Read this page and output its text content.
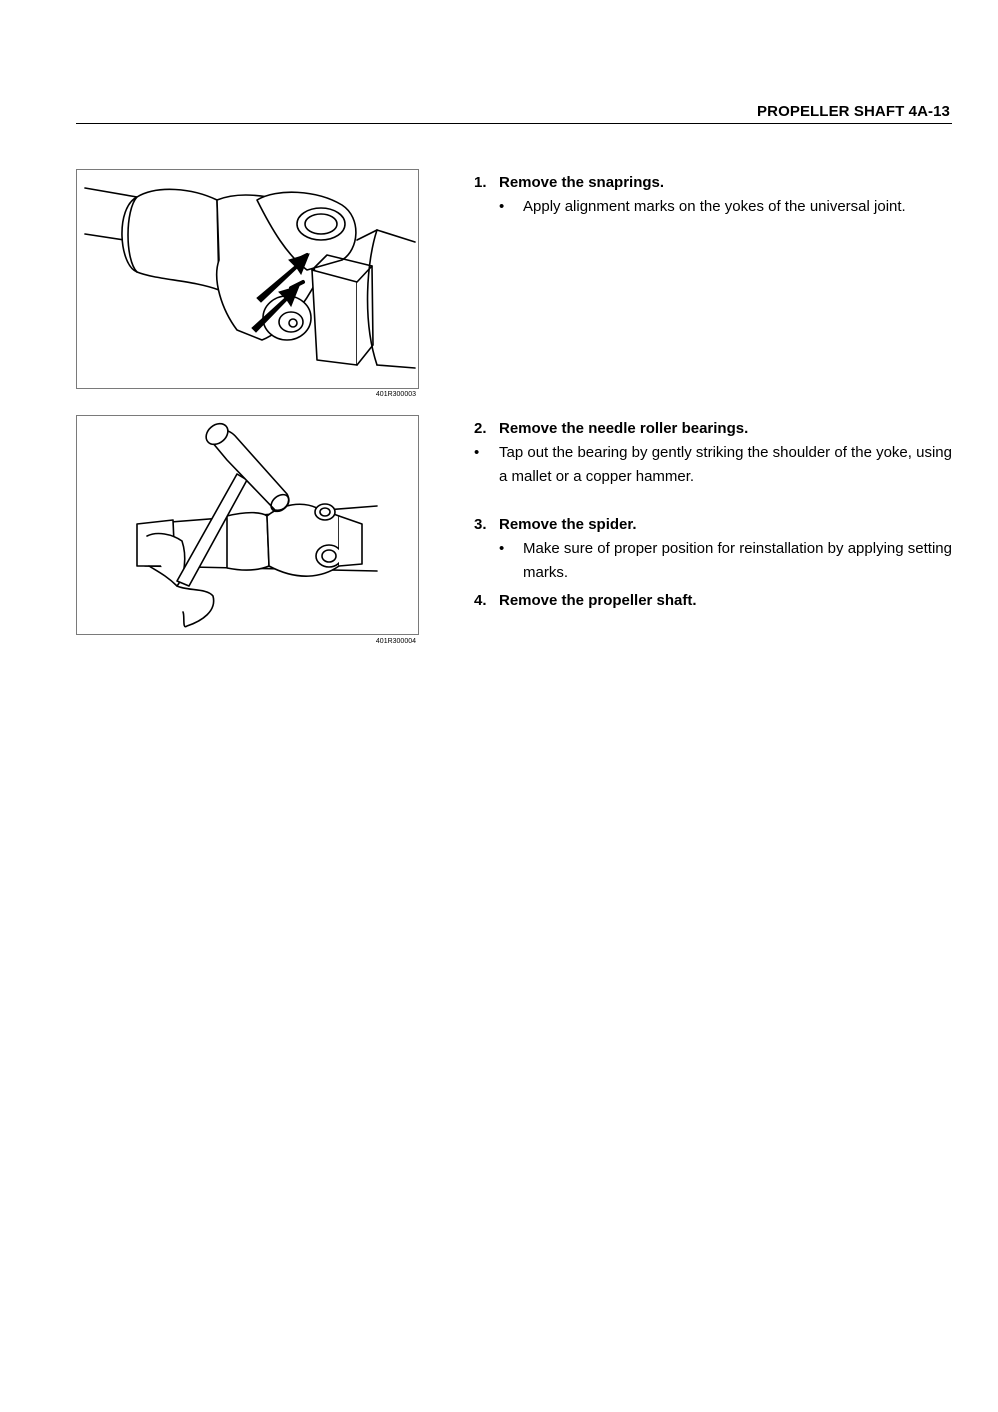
PROPELLER SHAFT 4A-13
401R300003
401R300004
1. Remove the snaprings.
•	Apply alignment marks on the yokes of the universal joint.
2. Remove the needle roller bearings.
•	Tap out the bearing by gently striking the shoulder of the yoke, using a mallet or a copper hammer.
3. Remove the spider.
•	Make sure of proper position for reinstallation by applying setting marks.
4. Remove the propeller shaft.
